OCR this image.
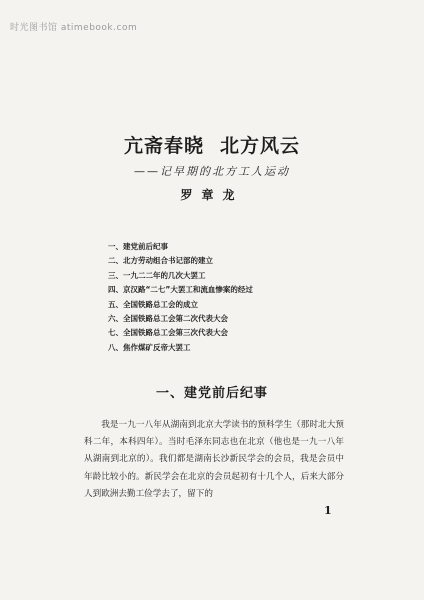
时光图书馆 atimebook.com
亢斋春晓 北方风云
——记早期的北方工人运动
罗章龙
一、建党前后纪事
二、北方劳动组合书记部的建立
三、一九二二年的几次大罢工
四、京汉路“二七”大罢工和流血惨案的经过
五、全国铁路总工会的成立
六、全国铁路总工会第二次代表大会
七、全国铁路总工会第三次代表大会
八、焦作煤矿反帝大罢工
一、建党前后纪事

我是一九一八年从湖南到北京大学读书的预科学生（那时北大预科二年，本科四年）。当时毛泽东同志也在北京（他也是一九一八年从湖南到北京的）。我们都是湖南长沙新民学会的会员，我是会员中年龄比较小的。新民学会在北京的会员起初有十几个人，后来大部分人到欧洲去勤工俭学去了，留下的

1
